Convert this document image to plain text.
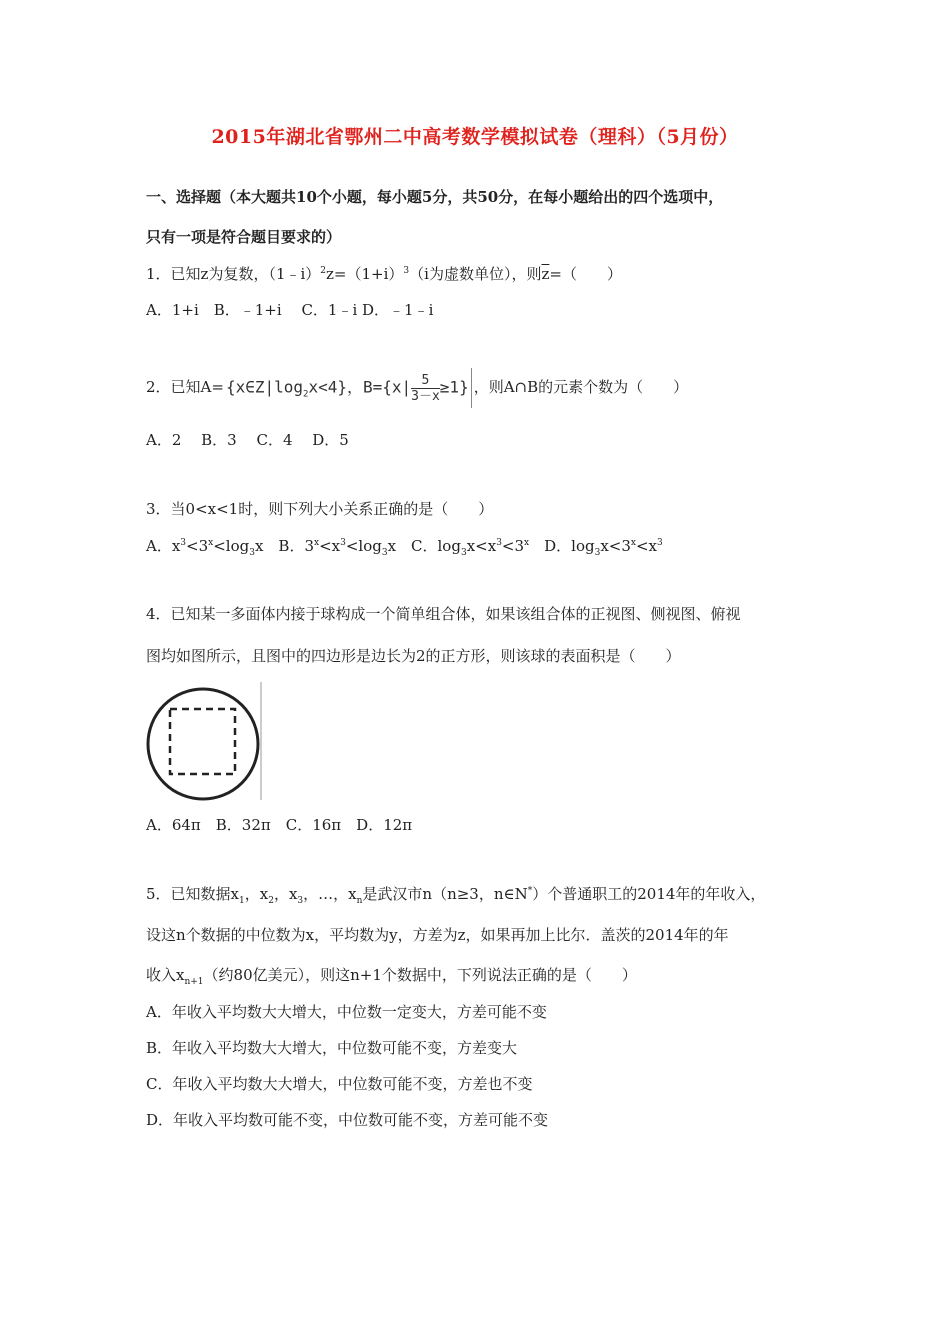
2015年湖北省鄂州二中高考数学模拟试卷（理科）（5月份）
一、选择题（本大题共10个小题，每小题5分，共50分，在每小题给出的四个选项中，
只有一项是符合题目要求的）
1．已知z为复数，$(1﹣i)^2z=(1+i)^3(i$为虚数单位），则$\overline{z}=$（　　）
A．1+i　B．﹣1+i　 C．1﹣i D．﹣1﹣i
2．已知$A= \{x\in Z|\log_2x<4\}$，$B=\{x| \frac{5}{3-x} \ge 1\}$ ，则A∩B的元素个数为（　　）
A．2　 B．3　 C．4　 D．5
3．当0<x<1时，则下列大小关系正确的是（　　）
A．$x^3<3^x<\log_3x$　B．$3^x<x^3<\log_3x$　C．$\log_3x<x^3<3^x$　D．$\log_3x<3^x<x^3$
4．已知某一多面体内接于球构成一个简单组合体，如果该组合体的正视图、侧视图、俯视
图均如图所示，且图中的四边形是边长为2的正方形，则该球的表面积是（　　）
A．64π　B．32π　C．16π　D．12π
5．已知数据$x_1$，$x_2$，$x_3$，…，$x_n$是武汉市n（n≥3，n∈N*）个普通职工的2014年的年收入，
设这n个数据的中位数为x，平均数为y，方差为z，如果再加上比尔．盖茨的2014年的年
收入$x_{n+1}$（约80亿美元），则这n+1个数据中，下列说法正确的是（　　）
A．年收入平均数大大增大，中位数一定变大，方差可能不变
B．年收入平均数大大增大，中位数可能不变，方差变大
C．年收入平均数大大增大，中位数可能不变，方差也不变
D．年收入平均数可能不变，中位数可能不变，方差可能不变
